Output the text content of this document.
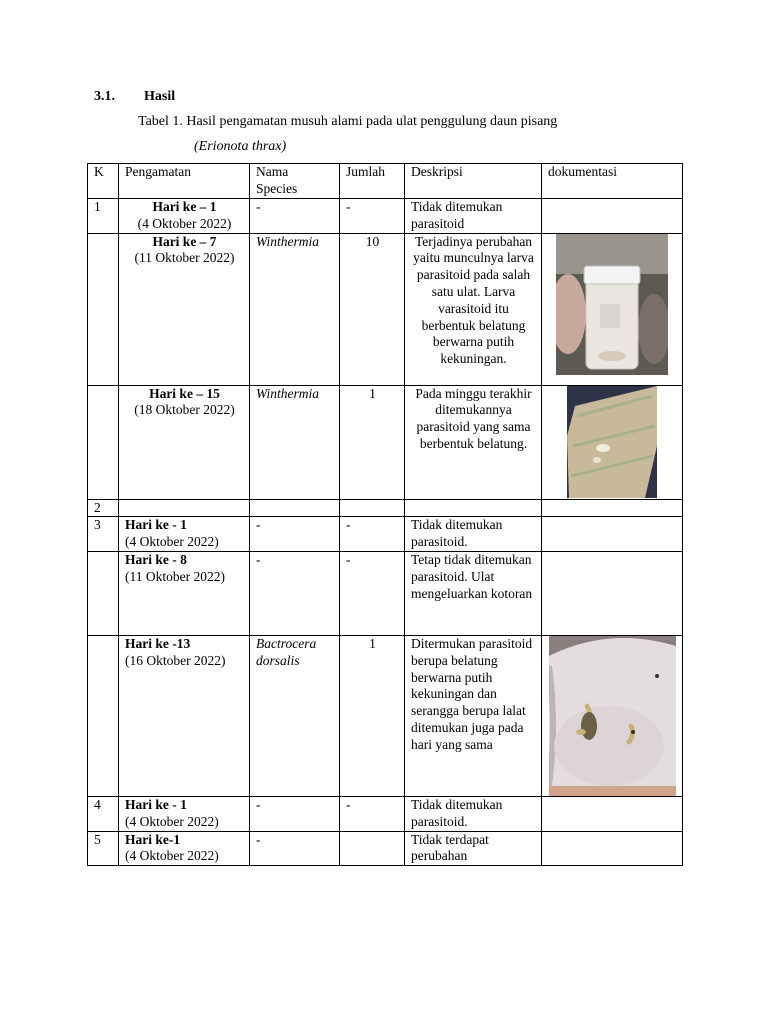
3.1. Hasil
Tabel 1. Hasil pengamatan musuh alami pada ulat penggulung daun pisang
(Erionota thrax)
K	Pengamatan	Nama
Species	Jumlah	Deskripsi	dokumentasi
1	Hari ke – 1
(4 Oktober 2022)	-	-	Tidak ditemukan parasitoid	

	Hari ke – 7
(11 Oktober 2022)	Winthermia	10	Terjadinya perubahan yaitu munculnya larva parasitoid pada salah satu ulat. Larva varasitoid itu berbentuk belatung berwarna putih kekuningan.	

	Hari ke – 15
(18 Oktober 2022)	Winthermia	1	Pada minggu terakhir ditemukannya parasitoid yang sama berbentuk belatung.	

2					
3	Hari ke - 1
(4 Oktober 2022)	-	-	Tidak ditemukan parasitoid.	

	Hari ke - 8
(11 Oktober 2022)	-	-	Tetap tidak ditemukan parasitoid. Ulat mengeluarkan kotoran	

	Hari ke -13
(16 Oktober 2022)	Bactrocera dorsalis	1	Ditermukan parasitoid berupa belatung berwarna putih kekuningan dan serangga berupa lalat ditemukan juga pada hari yang sama	

4	Hari ke - 1
(4 Oktober 2022)	-	-	Tidak ditemukan parasitoid.	
5	Hari ke-1
(4 Oktober 2022)	-		Tidak terdapat perubahan	
